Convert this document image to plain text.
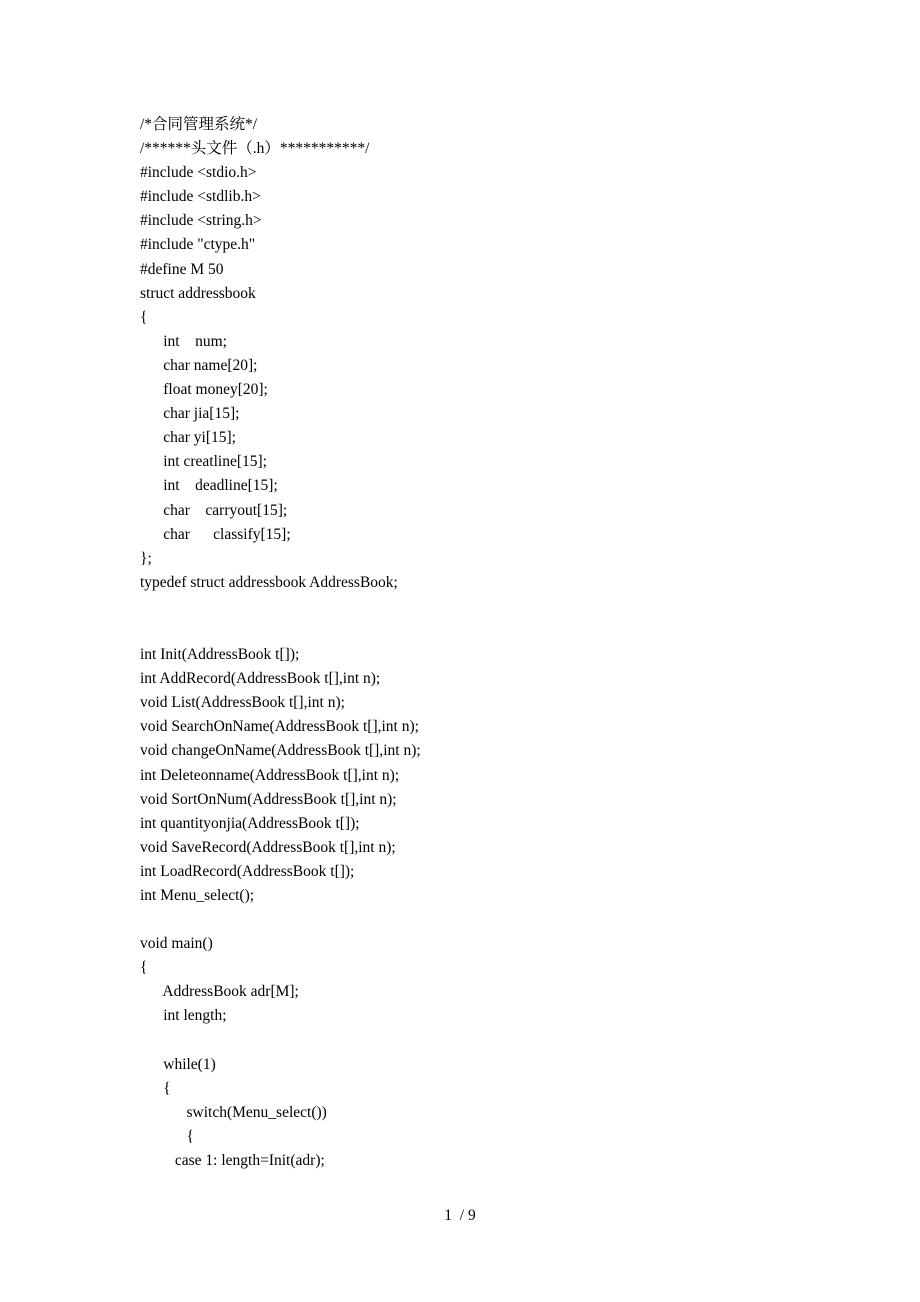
/*合同管理系统*/
/******头文件（.h）***********/
#include <stdio.h>
#include <stdlib.h>
#include <string.h>
#include "ctype.h"
#define M 50
struct addressbook
{
int    num;
char name[20];
float money[20];
char jia[15];
char yi[15];
int creatline[15];
int    deadline[15];
char    carryout[15];
char      classify[15];
};
typedef struct addressbook AddressBook;
int Init(AddressBook t[]);
int AddRecord(AddressBook t[],int n);
void List(AddressBook t[],int n);
void SearchOnName(AddressBook t[],int n);
void changeOnName(AddressBook t[],int n);
int Deleteonname(AddressBook t[],int n);
void SortOnNum(AddressBook t[],int n);
int quantityonjia(AddressBook t[]);
void SaveRecord(AddressBook t[],int n);
int LoadRecord(AddressBook t[]);
int Menu_select();
void main()
{
AddressBook adr[M];
int length;
while(1)
{
switch(Menu_select())
{
case 1: length=Init(adr);
1  / 9
